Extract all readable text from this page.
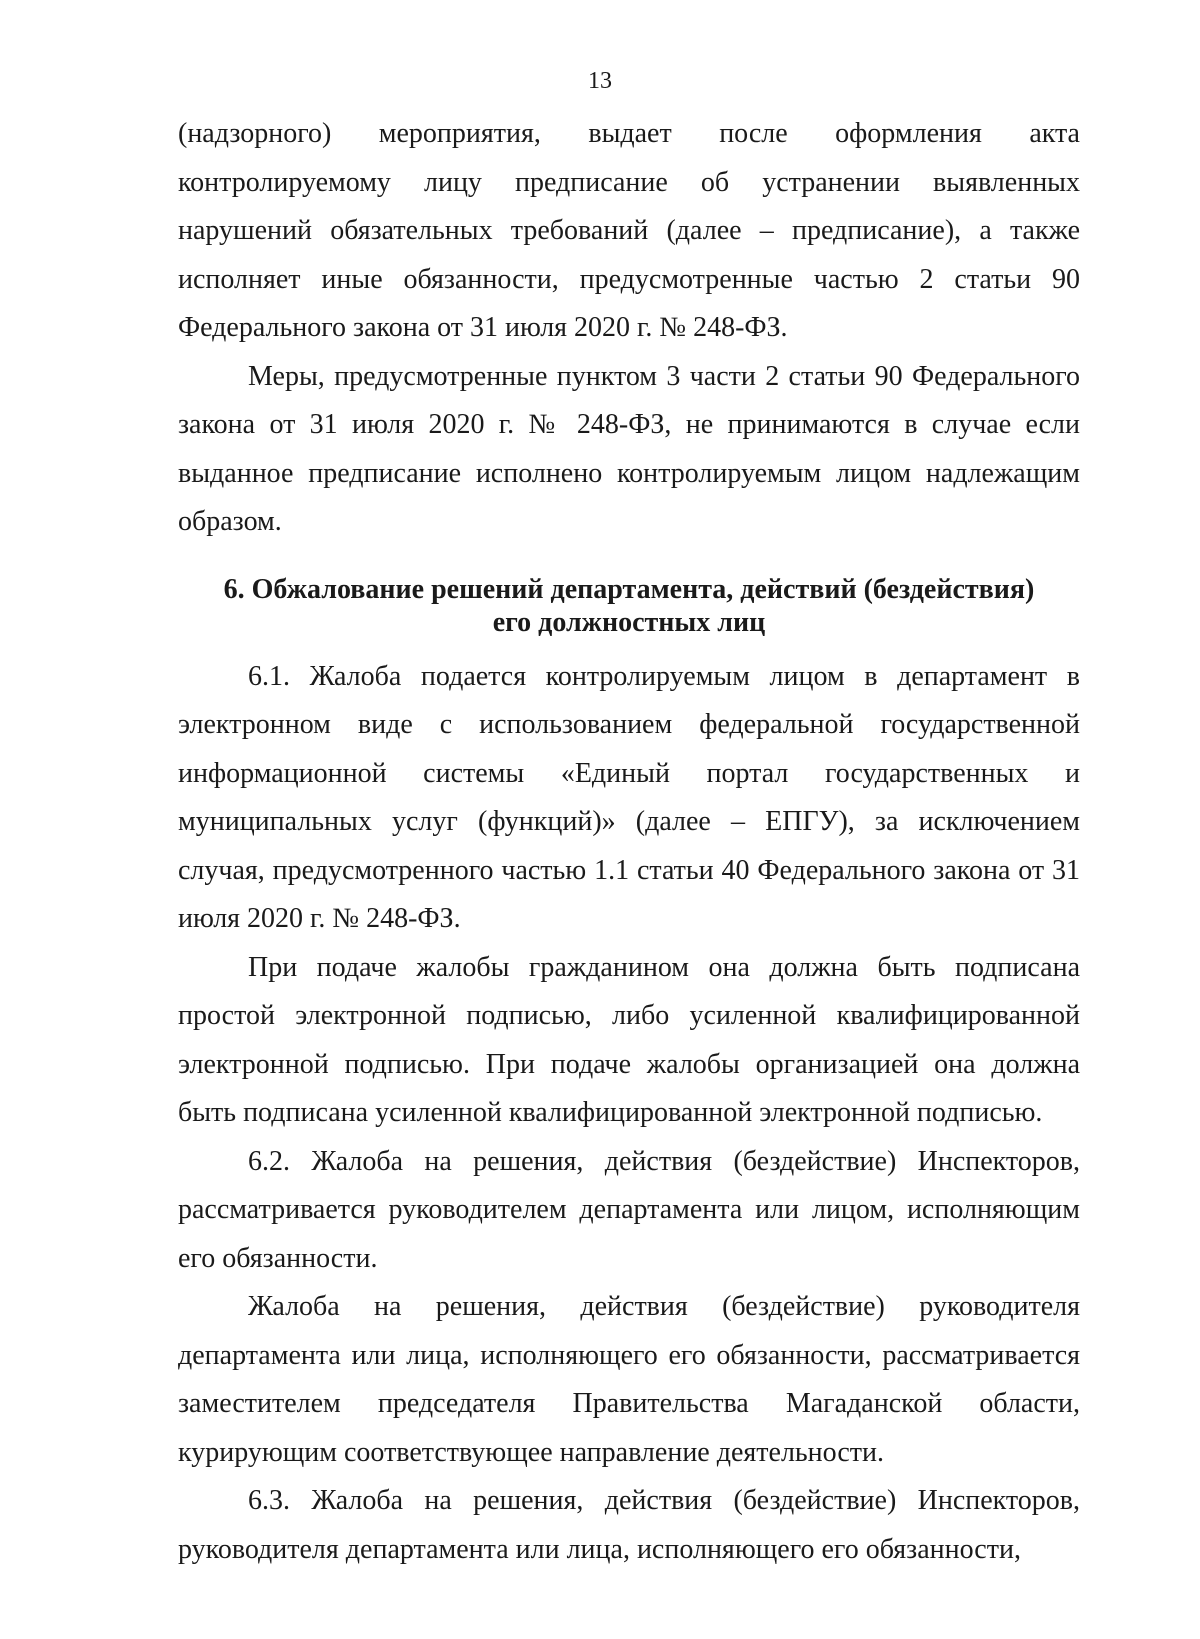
13

(надзорного) мероприятия, выдает после оформления акта контролируемому лицу предписание об устранении выявленных нарушений обязательных требований (далее – предписание), а также исполняет иные обязанности, предусмотренные частью 2 статьи 90 Федерального закона от 31 июля 2020 г. № 248-ФЗ.

Меры, предусмотренные пунктом 3 части 2 статьи 90 Федерального закона от 31 июля 2020 г. № 248-ФЗ, не принимаются в случае если выданное предписание исполнено контролируемым лицом надлежащим образом.

6. Обжалование решений департамента, действий (бездействия)
его должностных лиц

6.1. Жалоба подается контролируемым лицом в департамент в электронном виде с использованием федеральной государственной информационной системы «Единый портал государственных и муниципальных услуг (функций)» (далее – ЕПГУ), за исключением случая, предусмотренного частью 1.1 статьи 40 Федерального закона от 31 июля 2020 г. № 248-ФЗ.

При подаче жалобы гражданином она должна быть подписана простой электронной подписью, либо усиленной квалифицированной электронной подписью. При подаче жалобы организацией она должна быть подписана усиленной квалифицированной электронной подписью.

6.2. Жалоба на решения, действия (бездействие) Инспекторов, рассматривается руководителем департамента или лицом, исполняющим его обязанности.

Жалоба на решения, действия (бездействие) руководителя департамента или лица, исполняющего его обязанности, рассматривается заместителем председателя Правительства Магаданской области, курирующим соответствующее направление деятельности.

6.3. Жалоба на решения, действия (бездействие) Инспекторов, руководителя департамента или лица, исполняющего его обязанности,
